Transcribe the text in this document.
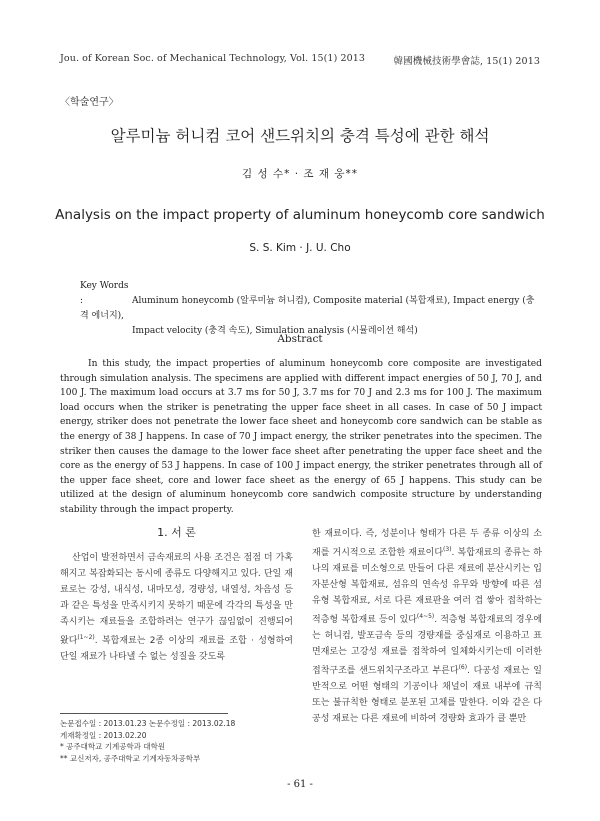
Jou. of Korean Soc. of Mechanical Technology, Vol. 15(1) 2013	韓國機械技術學會誌, 15(1) 2013
〈학술연구〉
알루미늄 허니컴 코어 샌드위치의 충격 특성에 관한 해석
김 성 수* · 조 재 웅**
Analysis on the impact property of aluminum honeycomb core sandwich
S. S. Kim · J. U. Cho
Key Words :	Aluminum honeycomb (알루미늄 허니컴), Composite material (복합재료), Impact energy (충격 에너지),
Impact velocity (충격 속도), Simulation analysis (시뮬레이션 해석)
Abstract

In this study, the impact properties of aluminum honeycomb core composite are investigated through simulation analysis. The specimens are applied with different impact energies of 50 J, 70 J, and 100 J. The maximum load occurs at 3.7 ms for 50 J, 3.7 ms for 70 J and 2.3 ms for 100 J. The maximum load occurs when the striker is penetrating the upper face sheet in all cases. In case of 50 J impact energy, striker does not penetrate the lower face sheet and honeycomb core sandwich can be stable as the energy of 38 J happens. In case of 70 J impact energy, the striker penetrates into the specimen. The striker then causes the damage to the lower face sheet after penetrating the upper face sheet and the core as the energy of 53 J happens. In case of 100 J impact energy, the striker penetrates through all of the upper face sheet, core and lower face sheet as the energy of 65 J happens. This study can be utilized at the design of aluminum honeycomb core sandwich composite structure by understanding stability through the impact property.

1. 서 론

산업이 발전하면서 금속재료의 사용 조건은 점점 더 가혹해지고 복잡화되는 동시에 종류도 다양해지고 있다. 단일 재료로는 강성, 내식성, 내마모성, 경량성, 내열성, 차음성 등과 같은 특성을 만족시키지 못하기 때문에 각각의 특성을 만족시키는 재료들을 조합하려는 연구가 끊임없이 진행되어 왔다$^{(1\sim 2)}$. 복합재료는 2종 이상의 재료를 조합 · 성형하여 단일 재료가 나타낼 수 없는 성질을 갖도록

한 재료이다. 즉, 성분이나 형태가 다른 두 종류 이상의 소재를 거시적으로 조합한 재료이다$^{(3)}$. 복합재료의 종류는 하나의 재료를 미소형으로 만들어 다른 재료에 분산시키는 입자분산형 복합재료, 섬유의 연속성 유무와 방향에 따른 섬유형 복합재료, 서로 다른 재료판을 여러 겹 쌓아 접착하는 적층형 복합재료 등이 있다$^{(4\sim 5)}$. 적층형 복합재료의 경우에는 허니컴, 발포금속 등의 경량재를 중심재로 이용하고 표면재로는 고강성 재료를 접착하여 일체화시키는데 이러한 접착구조를 샌드위치구조라고 부른다$^{(6)}$. 다공성 재료는 일반적으로 어떤 형태의 기공이나 채널이 재료 내부에 규칙 또는 불규칙한 형태로 분포된 고체를 말한다. 이와 같은 다공성 재료는 다른 재료에 비하여 경량화 효과가 클 뿐만

논문접수일 : 2013.01.23 논문수정일 : 2013.02.18
게재확정일 : 2013.02.20
* 공주대학교 기계공학과 대학원
** 교신저자, 공주대학교 기계자동차공학부
- 61 -
